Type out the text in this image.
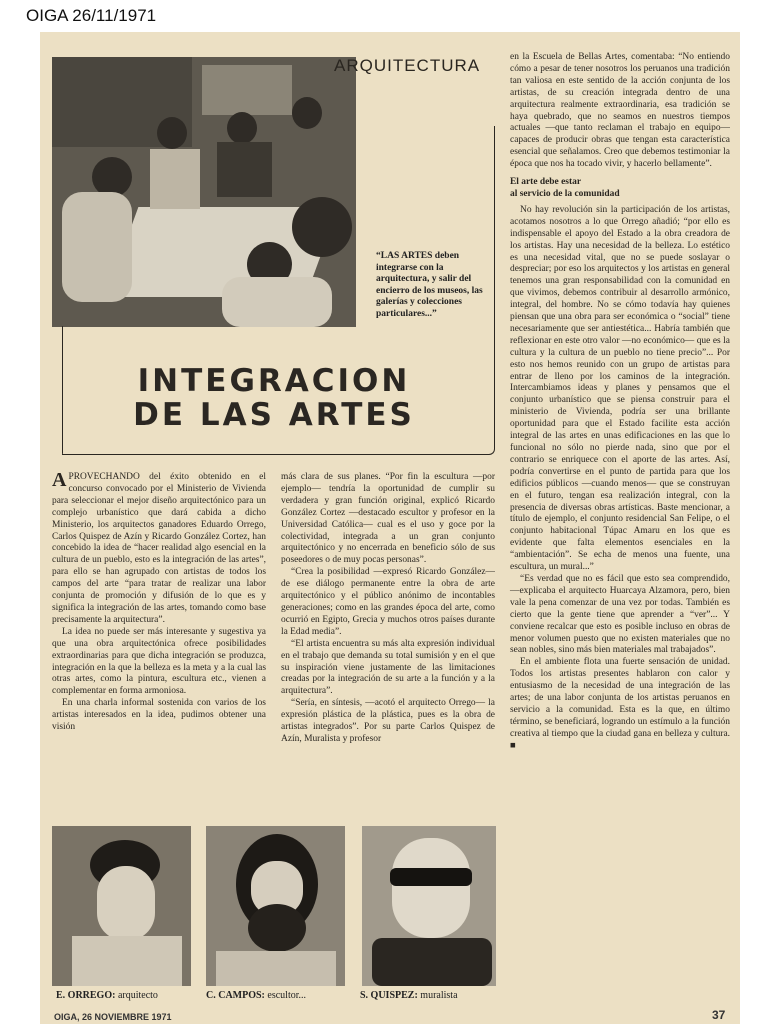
OIGA 26/11/1971
ARQUITECTURA
“LAS ARTES deben integrarse con la arquitectura, y salir del encierro de los museos, las galerías y colecciones particulares...”
INTEGRACION
DE LAS ARTES

APROVECHANDO del éxito obtenido en el concurso convocado por el Ministerio de Vivienda para seleccionar el mejor diseño arquitectónico para un complejo urbanístico que dará cabida a dicho Ministerio, los arquitectos ganadores Eduardo Orrego, Carlos Quispez de Azín y Ricardo González Cortez, han concebido la idea de “hacer realidad algo esencial en la cultura de un pueblo, esto es la integración de las artes”, para ello se han agrupado con artistas de todos los campos del arte “para tratar de realizar una labor conjunta de promoción y difusión de lo que es y significa la integración de las artes, tomando como base precisamente la arquitectura”.

La idea no puede ser más interesante y sugestiva ya que una obra arquitectónica ofrece posibilidades extraordinarias para que dicha integración se produzca, integración en la que la belleza es la meta y a la cual las otras artes, como la pintura, escultura etc., vienen a complementar en forma armoniosa.

En una charla informal sostenida con varios de los artistas interesados en la idea, pudimos obtener una visión

más clara de sus planes. “Por fin la escultura —por ejemplo— tendría la oportunidad de cumplir su verdadera y gran función original, explicó Ricardo González Cortez —destacado escultor y profesor en la Universidad Católica— cual es el uso y goce por la colectividad, integrada a un gran conjunto arquitectónico y no encerrada en beneficio sólo de sus poseedores o de muy pocas personas”.

“Crea la posibilidad —expresó Ricardo González— de ese diálogo permanente entre la obra de arte arquitectónico y el público anónimo de incontables generaciones; como en las grandes época del arte, como ocurrió en Egipto, Grecia y muchos otros países durante la Edad media”.

“El artista encuentra su más alta expresión individual en el trabajo que demanda su total sumisión y en el que su inspiración viene justamente de las limitaciones creadas por la integración de su arte a la función y a la arquitectura”.

“Sería, en síntesis, —acotó el arquitecto Orrego— la expresión plástica de la plástica, pues es la obra de artistas integrados”. Por su parte Carlos Quispez de Azín, Muralista y profesor

en la Escuela de Bellas Artes, comentaba: “No entiendo cómo a pesar de tener nosotros los peruanos una tradición tan valiosa en este sentido de la acción conjunta de los artistas, de su creación integrada dentro de una arquitectura realmente extraordinaria, esa tradición se haya quebrado, que no seamos en nuestros tiempos actuales —que tanto reclaman el trabajo en equipo— capaces de producir obras que tengan esta característica esencial que señalamos. Creo que debemos testimoniar la época que nos ha tocado vivir, y hacerlo bellamente”.

El arte debe estar
al servicio de la comunidad

No hay revolución sin la participación de los artistas, acotamos nosotros a lo que Orrego añadió; “por ello es indispensable el apoyo del Estado a la obra creadora de los artistas. Hay una necesidad de la belleza. Lo estético es una necesidad vital, que no se puede soslayar o despreciar; por eso los arquitectos y los artistas en general tenemos una gran responsabilidad con la comunidad en que vivimos, debemos contribuir al desarrollo armónico, integral, del hombre. No se cómo todavía hay quienes piensan que una obra para ser económica o “social” tiene necesariamente que ser antiestética... Habría también que reflexionar en este otro valor —no económico— que es la cultura y la cultura de un pueblo no tiene precio”... Por esto nos hemos reunido con un grupo de artistas para entrar de lleno por los caminos de la integración. Intercambiamos ideas y planes y pensamos que el conjunto urbanístico que se piensa construir para el ministerio de Vivienda, podría ser una brillante oportunidad para que el Estado facilite esta acción integral de las artes en unas edificaciones en las que lo funcional no sólo no pierde nada, sino que por el contrario se enriquece con el aporte de las artes. Así, podría convertirse en el punto de partida para que los edificios públicos —cuando menos— que se construyan en el futuro, tengan esa realización integral, con la presencia de diversas obras artísticas. Baste mencionar, a título de ejemplo, el conjunto residencial San Felipe, o el conjunto habitacional Túpac Amaru en los que es evidente que falta elementos esenciales en la “ambientación”. Se echa de menos una fuente, una escultura, un mural...”

“Es verdad que no es fácil que esto sea comprendido, —explicaba el arquitecto Huarcaya Alzamora, pero, bien vale la pena comenzar de una vez por todas. También es cierto que la gente tiene que aprender a “ver”... Y conviene recalcar que esto es posible incluso en obras de menor volumen puesto que no existen materiales que no sean nobles, sino más bien materiales mal trabajados”.

En el ambiente flota una fuerte sensación de unidad. Todos los artistas presentes hablaron con calor y entusiasmo de la necesidad de una integración de las artes; de una labor conjunta de los artistas peruanos en servicio a la comunidad. Esta es la que, en último término, se beneficiará, logrando un estímulo a la función creativa al tiempo que la ciudad gana en belleza y cultura. ■

E. ORREGO: arquitecto	C. CAMPOS: escultor...	S. QUISPEZ: muralista
OIGA, 26 NOVIEMBRE 1971	37
